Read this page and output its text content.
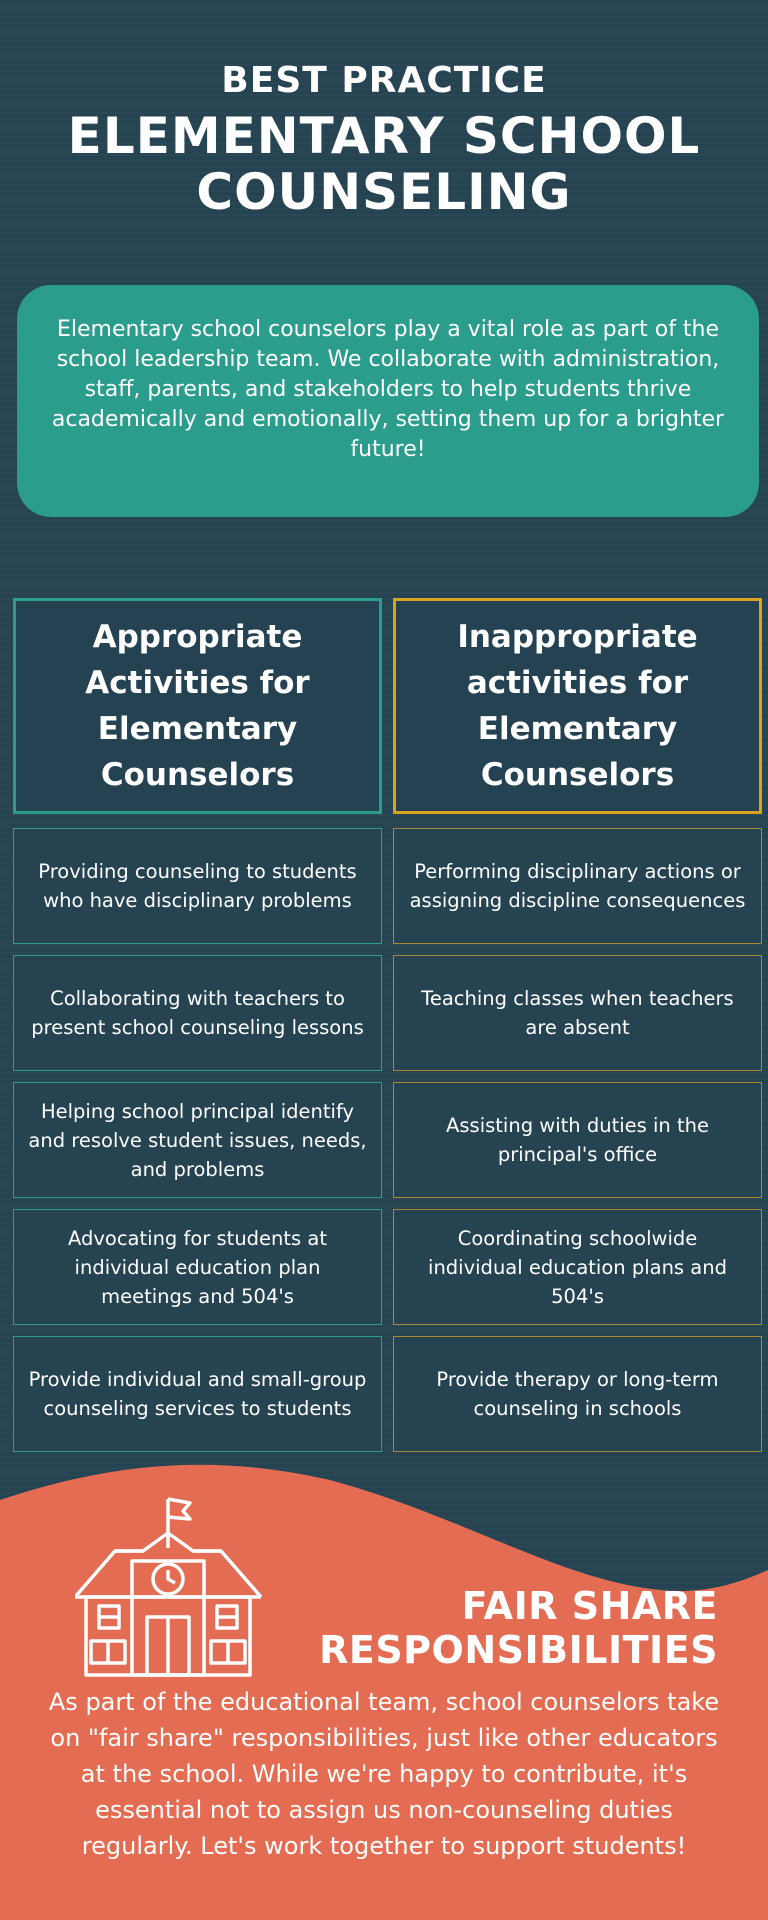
BEST PRACTICE
ELEMENTARY SCHOOL
COUNSELING
Elementary school counselors play a vital role as part of the school leadership team. We collaborate with administration, staff, parents, and stakeholders to help students thrive academically and emotionally, setting them up for a brighter future!
Appropriate Activities for Elementary Counselors
Inappropriate activities for Elementary Counselors
Providing counseling to students who have disciplinary problems
Performing disciplinary actions or assigning discipline consequences
Collaborating with teachers to present school counseling lessons
Teaching classes when teachers are absent
Helping school principal identify and resolve student issues, needs, and problems
Assisting with duties in the principal's office
Advocating for students at individual education plan meetings and 504's
Coordinating schoolwide individual education plans and 504's
Provide individual and small-group counseling services to students
Provide therapy or long-term counseling in schools
FAIR SHARE
RESPONSIBILITIES
As part of the educational team, school counselors take on "fair share" responsibilities, just like other educators at the school. While we're happy to contribute, it's essential not to assign us non-counseling duties regularly. Let's work together to support students!
